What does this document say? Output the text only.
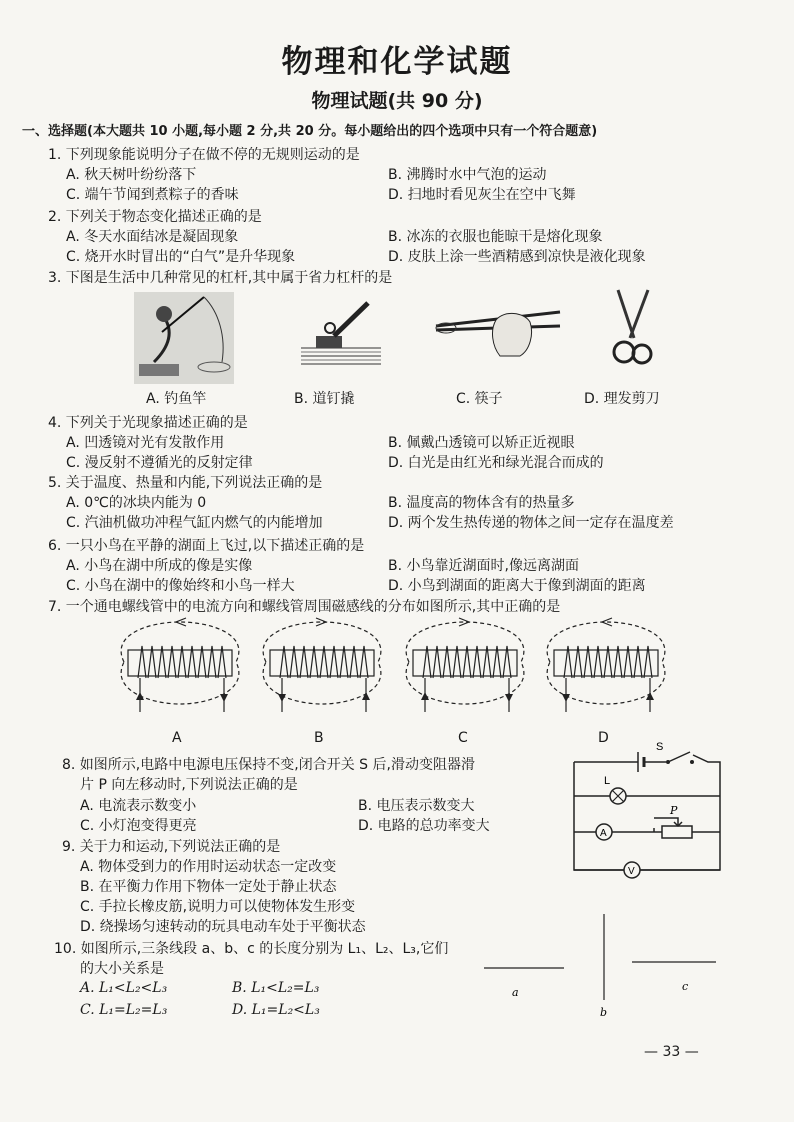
物理和化学试题
物理试题(共 90 分)
一、选择题(本大题共 10 小题,每小题 2 分,共 20 分。每小题给出的四个选项中只有一个符合题意)
1. 下列现象能说明分子在做不停的无规则运动的是
A. 秋天树叶纷纷落下	B. 沸腾时水中气泡的运动
C. 端午节闻到煮粽子的香味	D. 扫地时看见灰尘在空中飞舞
2. 下列关于物态变化描述正确的是
A. 冬天水面结冰是凝固现象	B. 冰冻的衣服也能晾干是熔化现象
C. 烧开水时冒出的“白气”是升华现象	D. 皮肤上涂一些酒精感到凉快是液化现象
3. 下图是生活中几种常见的杠杆,其中属于省力杠杆的是
A. 钓鱼竿	B. 道钉撬	C. 筷子	D. 理发剪刀
4. 下列关于光现象描述正确的是
A. 凹透镜对光有发散作用	B. 佩戴凸透镜可以矫正近视眼
C. 漫反射不遵循光的反射定律	D. 白光是由红光和绿光混合而成的
5. 关于温度、热量和内能,下列说法正确的是
A. 0℃的冰块内能为 0	B. 温度高的物体含有的热量多
C. 汽油机做功冲程气缸内燃气的内能增加	D. 两个发生热传递的物体之间一定存在温度差
6. 一只小鸟在平静的湖面上飞过,以下描述正确的是
A. 小鸟在湖中所成的像是实像	B. 小鸟靠近湖面时,像远离湖面
C. 小鸟在湖中的像始终和小鸟一样大	D. 小鸟到湖面的距离大于像到湖面的距离
7. 一个通电螺线管中的电流方向和螺线管周围磁感线的分布如图所示,其中正确的是
A	B	C	D
8. 如图所示,电路中电源电压保持不变,闭合开关 S 后,滑动变阻器滑
片 P 向左移动时,下列说法正确的是
A. 电流表示数变小	B. 电压表示数变大
C. 小灯泡变得更亮	D. 电路的总功率变大
S
L
A
P
V
9. 关于力和运动,下列说法正确的是
A. 物体受到力的作用时运动状态一定改变
B. 在平衡力作用下物体一定处于静止状态
C. 手拉长橡皮筋,说明力可以使物体发生形变
D. 绕操场匀速转动的玩具电动车处于平衡状态
10. 如图所示,三条线段 a、b、c 的长度分别为 L₁、L₂、L₃,它们
的大小关系是
A. L₁<L₂<L₃	B. L₁<L₂=L₃
C. L₁=L₂=L₃	D. L₁=L₂<L₃
a
b
c
— 33 —
